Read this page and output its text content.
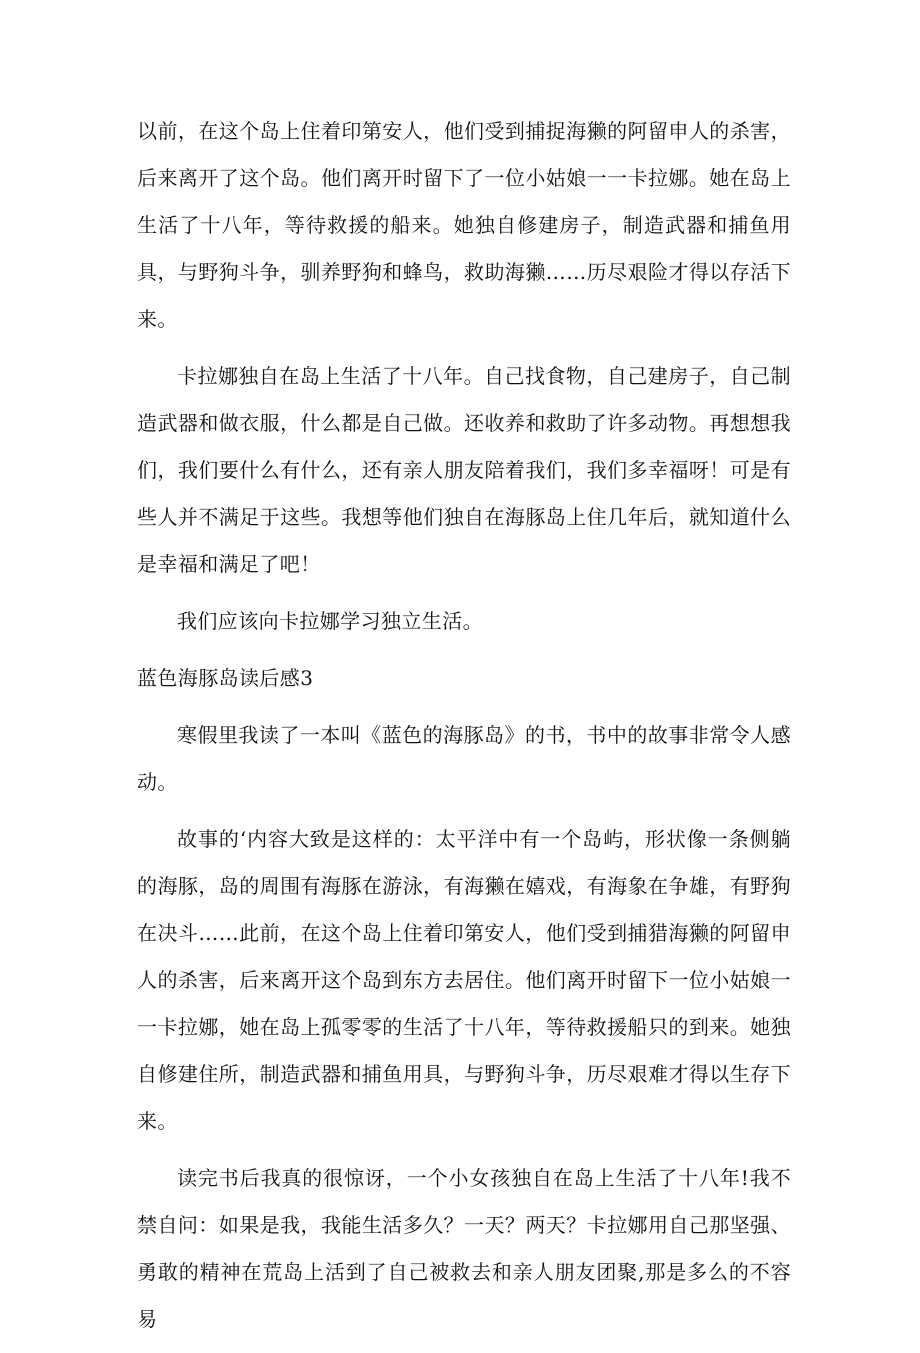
以前，在这个岛上住着印第安人，他们受到捕捉海獭的阿留申人的杀害，后来离开了这个岛。他们离开时留下了一位小姑娘一一卡拉娜。她在岛上生活了十八年，等待救援的船来。她独自修建房子，制造武器和捕鱼用具，与野狗斗争，驯养野狗和蜂鸟，救助海獭……历尽艰险才得以存活下来。

卡拉娜独自在岛上生活了十八年。自己找食物，自己建房子，自己制造武器和做衣服，什么都是自己做。还收养和救助了许多动物。再想想我们，我们要什么有什么，还有亲人朋友陪着我们，我们多幸福呀！可是有些人并不满足于这些。我想等他们独自在海豚岛上住几年后，就知道什么是幸福和满足了吧！

我们应该向卡拉娜学习独立生活。

蓝色海豚岛读后感3

寒假里我读了一本叫《蓝色的海豚岛》的书，书中的故事非常令人感动。

故事的‘内容大致是这样的：太平洋中有一个岛屿，形状像一条侧躺的海豚，岛的周围有海豚在游泳，有海獭在嬉戏，有海象在争雄，有野狗在决斗……此前，在这个岛上住着印第安人，他们受到捕猎海獭的阿留申人的杀害，后来离开这个岛到东方去居住。他们离开时留下一位小姑娘一一卡拉娜，她在岛上孤零零的生活了十八年，等待救援船只的到来。她独自修建住所，制造武器和捕鱼用具，与野狗斗争，历尽艰难才得以生存下来。

读完书后我真的很惊讶，一个小女孩独自在岛上生活了十八年!我不禁自问：如果是我，我能生活多久？一天？两天？卡拉娜用自己那坚强、勇敢的精神在荒岛上活到了自己被救去和亲人朋友团聚,那是多么的不容易
